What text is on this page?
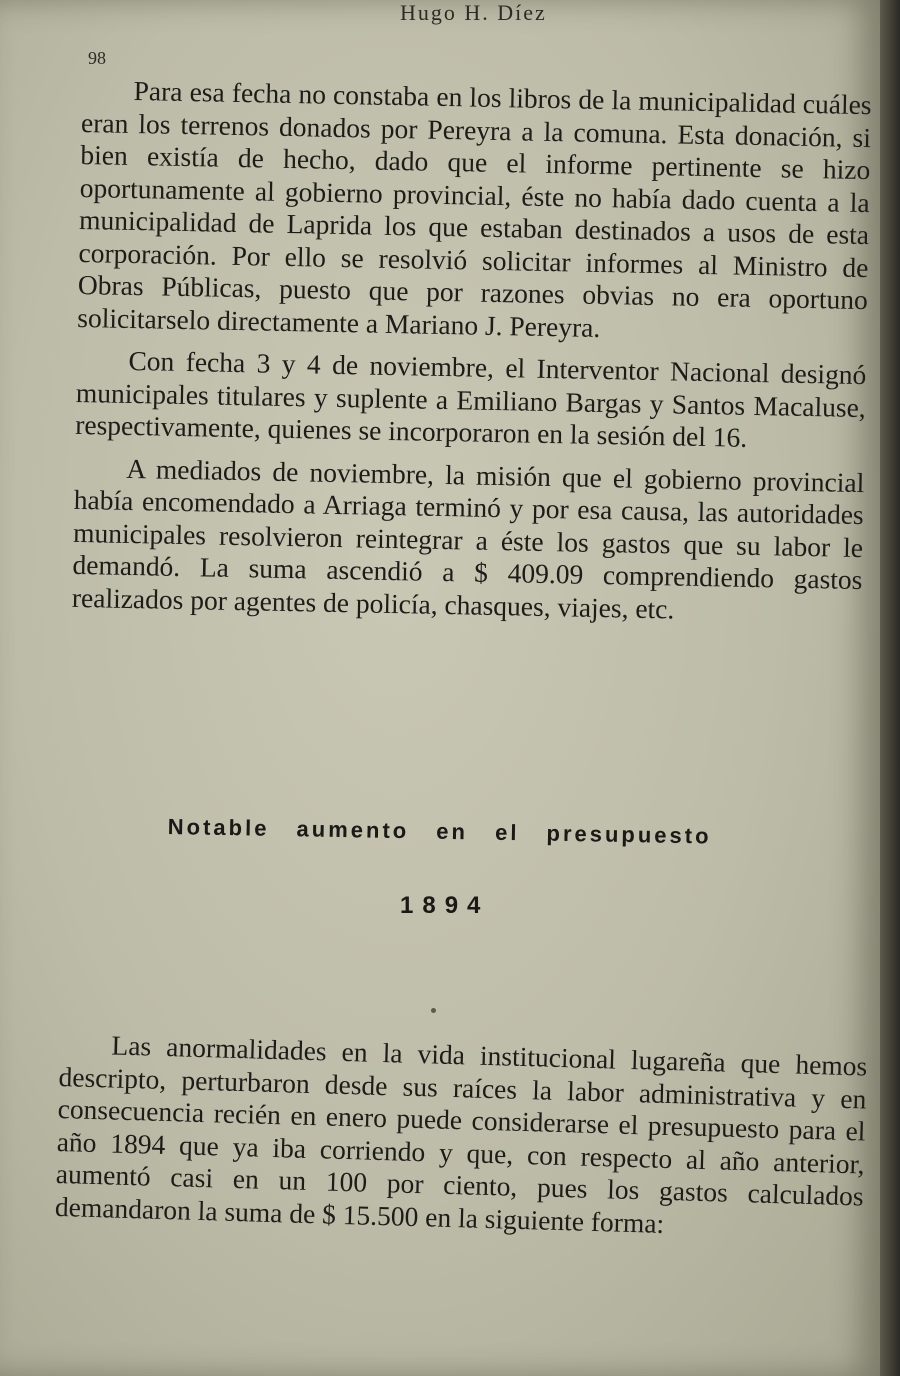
Hugo H. Díez
98

Para esa fecha no constaba en los libros de la municipalidad cuáles eran los terrenos donados por Pereyra a la comuna. Esta donación, si bien existía de hecho, dado que el informe pertinente se hizo oportunamente al gobierno provincial, éste no había dado cuenta a la municipalidad de Laprida los que estaban destinados a usos de esta corporación. Por ello se resolvió solicitar informes al Ministro de Obras Públicas, puesto que por razones obvias no era oportuno solicitarselo directamente a Mariano J. Pereyra.

Con fecha 3 y 4 de noviembre, el Interventor Nacional designó municipales titulares y suplente a Emiliano Bargas y Santos Macaluse, respectivamente, quienes se incorporaron en la sesión del 16.

A mediados de noviembre, la misión que el gobierno provincial había encomendado a Arriaga terminó y por esa causa, las autoridades municipales resolvieron reintegrar a éste los gastos que su labor le demandó. La suma ascendió a $ 409.09 comprendiendo gastos realizados por agentes de policía, chasques, viajes, etc.

Notable aumento en el presupuesto
1894

Las anormalidades en la vida institucional lugareña que hemos descripto, perturbaron desde sus raíces la labor administrativa y en consecuencia recién en enero puede considerarse el presupuesto para el año 1894 que ya iba corriendo y que, con respecto al año anterior, aumentó casi en un 100 por ciento, pues los gastos calculados demandaron la suma de $ 15.500 en la siguiente forma:
